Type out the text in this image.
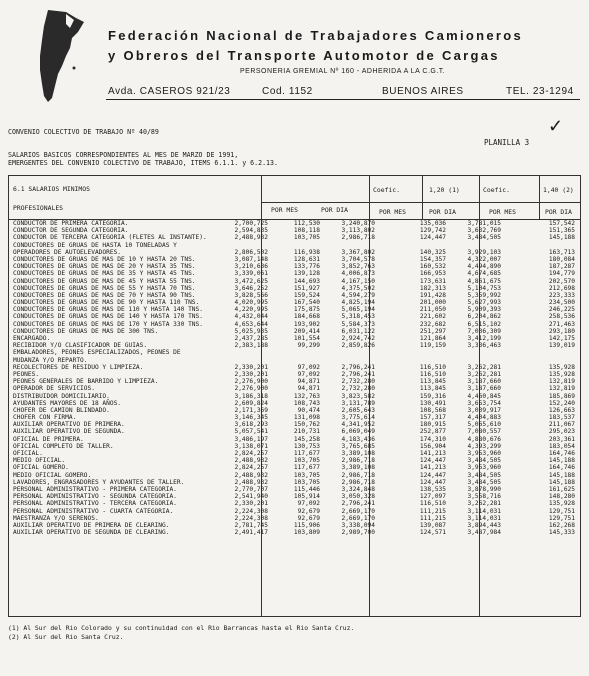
Federación Nacional de Trabajadores Camioneros
y Obreros del Transporte Automotor de Cargas
PERSONERIA GREMIAL Nº 160 - ADHERIDA A LA C.G.T.
Avda. CASEROS 921/23	Cod. 1152	BUENOS AIRES	TEL. 23-1294
CONVENIO COLECTIVO DE TRABAJO Nº 40/89	✓
PLANILLA 3
SALARIOS BASICOS CORRESPONDIENTES AL MES DE MARZO DE 1991,
EMERGENTES DEL CONVENIO COLECTIVO DE TRABAJO, ITEMS 6.1.1. y 6.2.13.
6.1 SALARIOS MINIMOS
PROFESIONALES	POR MES	POR DIA
Coefic.	1,20 (1)	Coefic.	1,40 (2)
POR MES	POR DIA	POR MES	POR DIA
CONDUCTOR DE PRIMERA CATEGORIA.	2,700,725	112,530	3,240,870	135,036	3,781,015	157,542
CONDUCTOR DE SEGUNDA CATEGORIA.	2,594,835	108,118	3,113,802	129,742	3,632,769	151,365
CONDUCTOR DE TERCERA CATEGORIA (FLETES AL INSTANTE).	2,488,932	103,705	2,986,718	124,447	3,484,505	145,188
CONDUCTORES DE GRUAS DE HASTA 10 TONELADAS Y
OPERADORES DE AUTOELEVADORES.	2,806,502	116,938	3,367,802	140,325	3,929,103	163,713
CONDUCTORES DE GRUAS DE MAS DE 10 Y HASTA 20 TNS.	3,087,148	128,631	3,704,578	154,357	4,322,007	180,084
CONDUCTORES DE GRUAS DE MAS DE 20 Y HASTA 35 TNS.	3,210,636	133,776	3,852,763	160,532	4,494,890	187,287
CONDUCTORES DE GRUAS DE MAS DE 35 Y HASTA 45 TNS.	3,339,061	139,128	4,006,873	166,953	4,674,685	194,779
CONDUCTORES DE GRUAS DE MAS DE 45 Y HASTA 55 TNS.	3,472,625	144,693	4,167,150	173,631	4,861,675	202,570
CONDUCTORES DE GRUAS DE MAS DE 55 Y HASTA 70 TNS.	3,646,252	151,927	4,375,502	182,313	5,104,753	212,698
CONDUCTORES DE GRUAS DE MAS DE 70 Y HASTA 90 TNS.	3,828,566	159,524	4,594,279	191,428	5,359,992	223,333
CONDUCTORES DE GRUAS DE MAS DE 90 Y HASTA 110 TNS.	4,020,995	167,540	4,825,194	201,000	5,627,993	234,500
CONDUCTORES DE GRUAS DE MAS DE 110 Y HASTA 140 TNS.	4,220,995	175,875	5,065,194	211,050	5,909,393	246,225
CONDUCTORES DE GRUAS DE MAS DE 140 Y HASTA 170 TNS.	4,432,044	184,668	5,318,453	221,602	6,204,862	258,536
CONDUCTORES DE GRUAS DE MAS DE 170 Y HASTA 330 TNS.	4,653,644	193,902	5,584,373	232,682	6,515,102	271,463
CONDUCTORES DE GRUAS DE MAS DE 300 TNS.	5,025,935	209,414	6,031,122	251,297	7,036,309	293,180
ENCARGADO.	2,437,285	101,554	2,924,742	121,864	3,412,199	142,175
RECIBIDOR Y/O CLASIFICADOR DE GUIAS.	2,383,188	99,299	2,859,826	119,159	3,336,463	139,019
EMBALADORES, PEONES ESPECIALIZADOS, PEONES DE
MUDANZA Y/O REPARTO.
RECOLECTORES DE RESIDUO Y LIMPIEZA.	2,330,201	97,092	2,796,241	116,510	3,262,281	135,928
PEONES.	2,330,201	97,092	2,796,241	116,510	3,262,281	135,928
PEONES GENERALES DE BARRIDO Y LIMPIEZA.	2,276,900	94,871	2,732,280	113,845	3,187,660	132,819
OPERADOR DE SERVICIOS.	2,276,900	94,871	2,732,280	113,845	3,187,660	132,819
DISTRIBUIDOR DOMICILIARIO.	3,186,318	132,763	3,823,582	159,316	4,460,845	185,869
AYUDANTES MAYORES DE 18 AÑOS.	2,609,824	108,743	3,131,789	130,491	3,653,754	152,240
CHOFER DE CAMION BLINDADO.	2,171,369	90,474	2,605,643	108,568	3,039,917	126,663
CHOFER CON FIRMA.	3,146,345	131,098	3,775,614	157,317	4,404,883	183,537
AUXILIAR OPERATIVO DE PRIMERA.	3,618,293	150,762	4,341,952	180,915	5,065,610	211,067
AUXILIAR OPERATIVO DE SEGUNDA.	5,057,541	210,731	6,069,049	252,877	7,080,557	295,023
OFICIAL DE PRIMERA.	3,486,197	145,258	4,183,436	174,310	4,880,676	203,361
OFICIAL COMPLETO DE TALLER.	3,138,071	130,753	3,765,685	156,904	4,393,299	183,054
OFICIAL.	2,824,257	117,677	3,389,108	141,213	3,953,960	164,746
MEDIO OFICIAL.	2,488,932	103,705	2,986,718	124,447	3,484,505	145,188
OFICIAL GOMERO.	2,824,257	117,677	3,389,108	141,213	3,953,960	164,746
MEDIO OFICIAL GOMERO.	2,488,932	103,705	2,986,718	124,447	3,484,505	145,188
LAVADORES, ENGRASADORES Y AYUDANTES DE TALLER.	2,488,932	103,705	2,986,718	124,447	3,484,505	145,188
PERSONAL ADMINISTRATIVO - PRIMERA CATEGORIA.	2,770,707	115,446	3,324,848	138,535	3,878,990	161,625
PERSONAL ADMINISTRATIVO - SEGUNDA CATEGORIA.	2,541,940	105,914	3,050,328	127,097	3,558,716	148,280
PERSONAL ADMINISTRATIVO - TERCERA CATEGORIA.	2,330,201	97,092	2,796,241	116,510	3,262,281	135,928
PERSONAL ADMINISTRATIVO - CUARTA CATEGORIA.	2,224,308	92,679	2,669,170	111,215	3,114,031	129,751
MAESTRANZA Y/O SERENOS.	2,224,308	92,679	2,669,170	111,215	3,114,031	129,751
AUXILIAR OPERATIVO DE PRIMERA DE CLEARING.	2,781,745	115,906	3,338,094	139,087	3,894,443	162,268
AUXILIAR OPERATIVO DE SEGUNDA DE CLEARING.	2,491,417	103,809	2,989,700	124,571	3,487,984	145,333
(1) Al Sur del Rio Colorado y su continuidad con el Rio Barrancas hasta el Rio Santa Cruz.
(2) Al Sur del Rio Santa Cruz.
